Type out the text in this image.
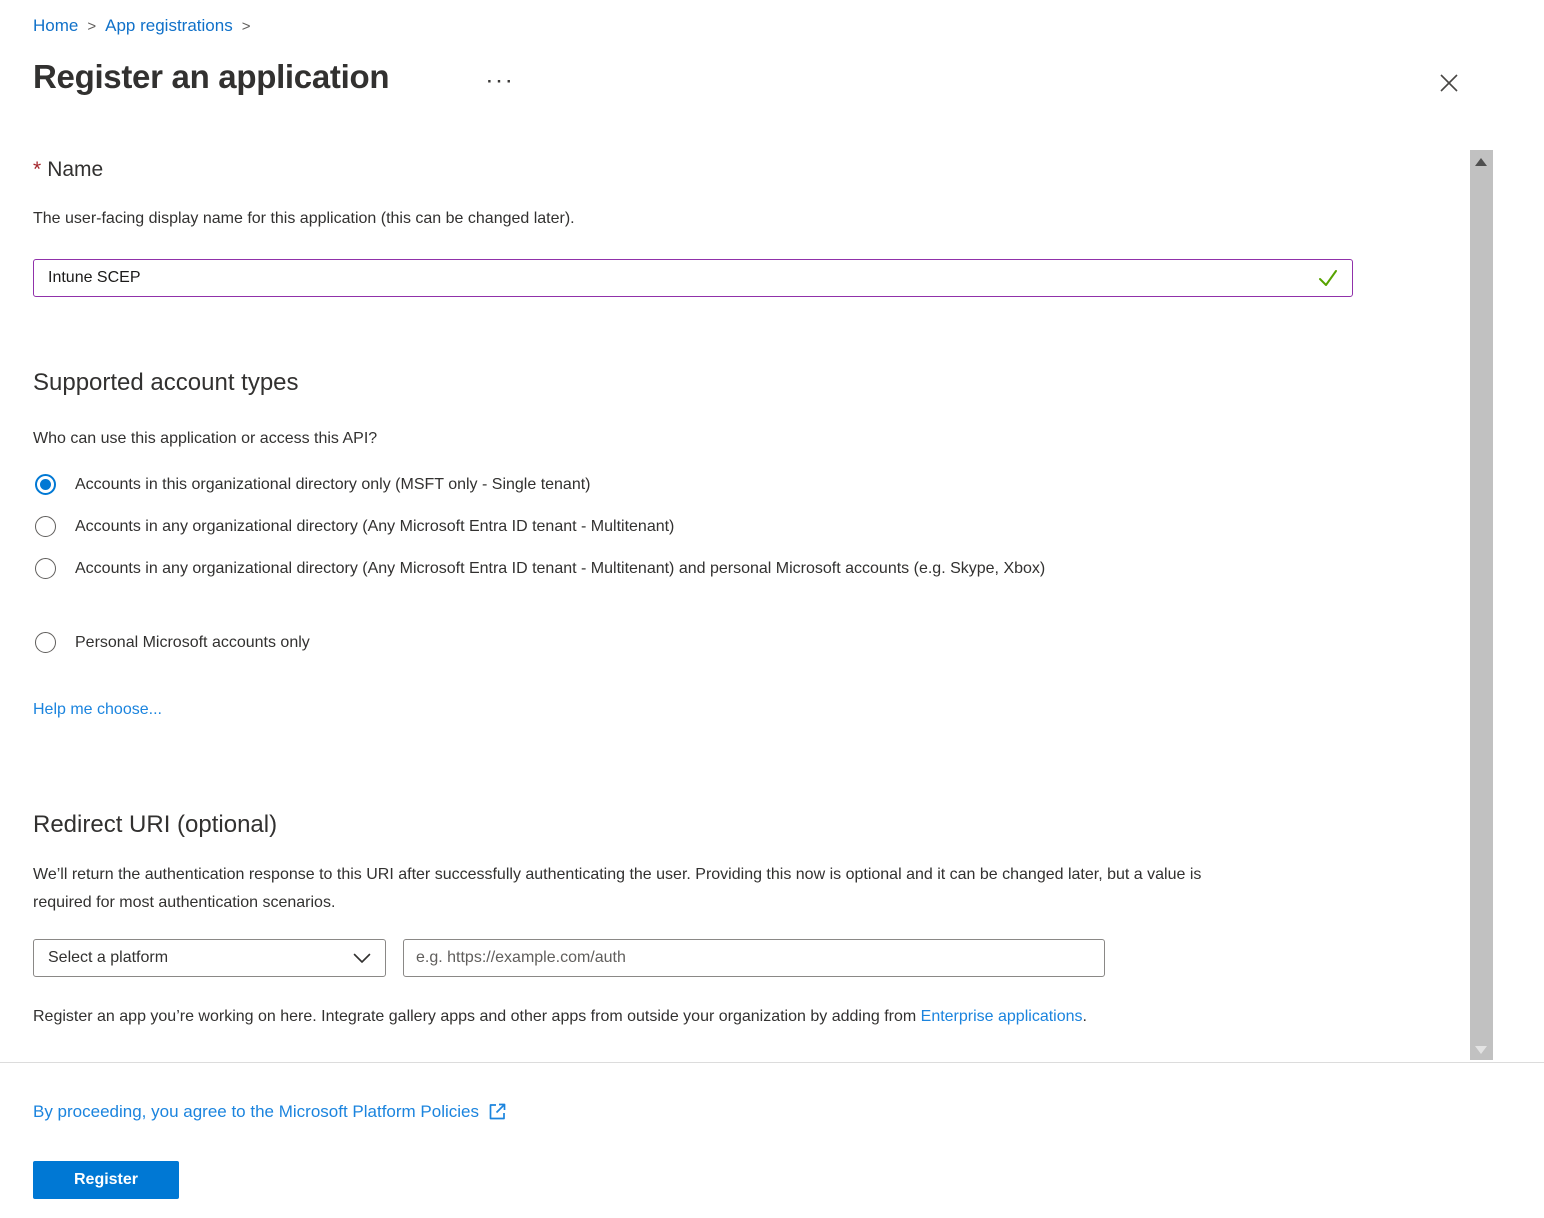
Home > App registrations >
Register an application	···
* Name
The user-facing display name for this application (this can be changed later).
Intune SCEP
Supported account types
Who can use this application or access this API?
Accounts in this organizational directory only (MSFT only - Single tenant)
Accounts in any organizational directory (Any Microsoft Entra ID tenant - Multitenant)
Accounts in any organizational directory (Any Microsoft Entra ID tenant - Multitenant) and personal Microsoft accounts (e.g. Skype, Xbox)
Personal Microsoft accounts only
Help me choose...
Redirect URI (optional)
We’ll return the authentication response to this URI after successfully authenticating the user. Providing this now is optional and it can be changed later, but a value is required for most authentication scenarios.
Select a platform
e.g. https://example.com/auth
Register an app you’re working on here. Integrate gallery apps and other apps from outside your organization by adding from Enterprise applications.
By proceeding, you agree to the Microsoft Platform Policies
Register
